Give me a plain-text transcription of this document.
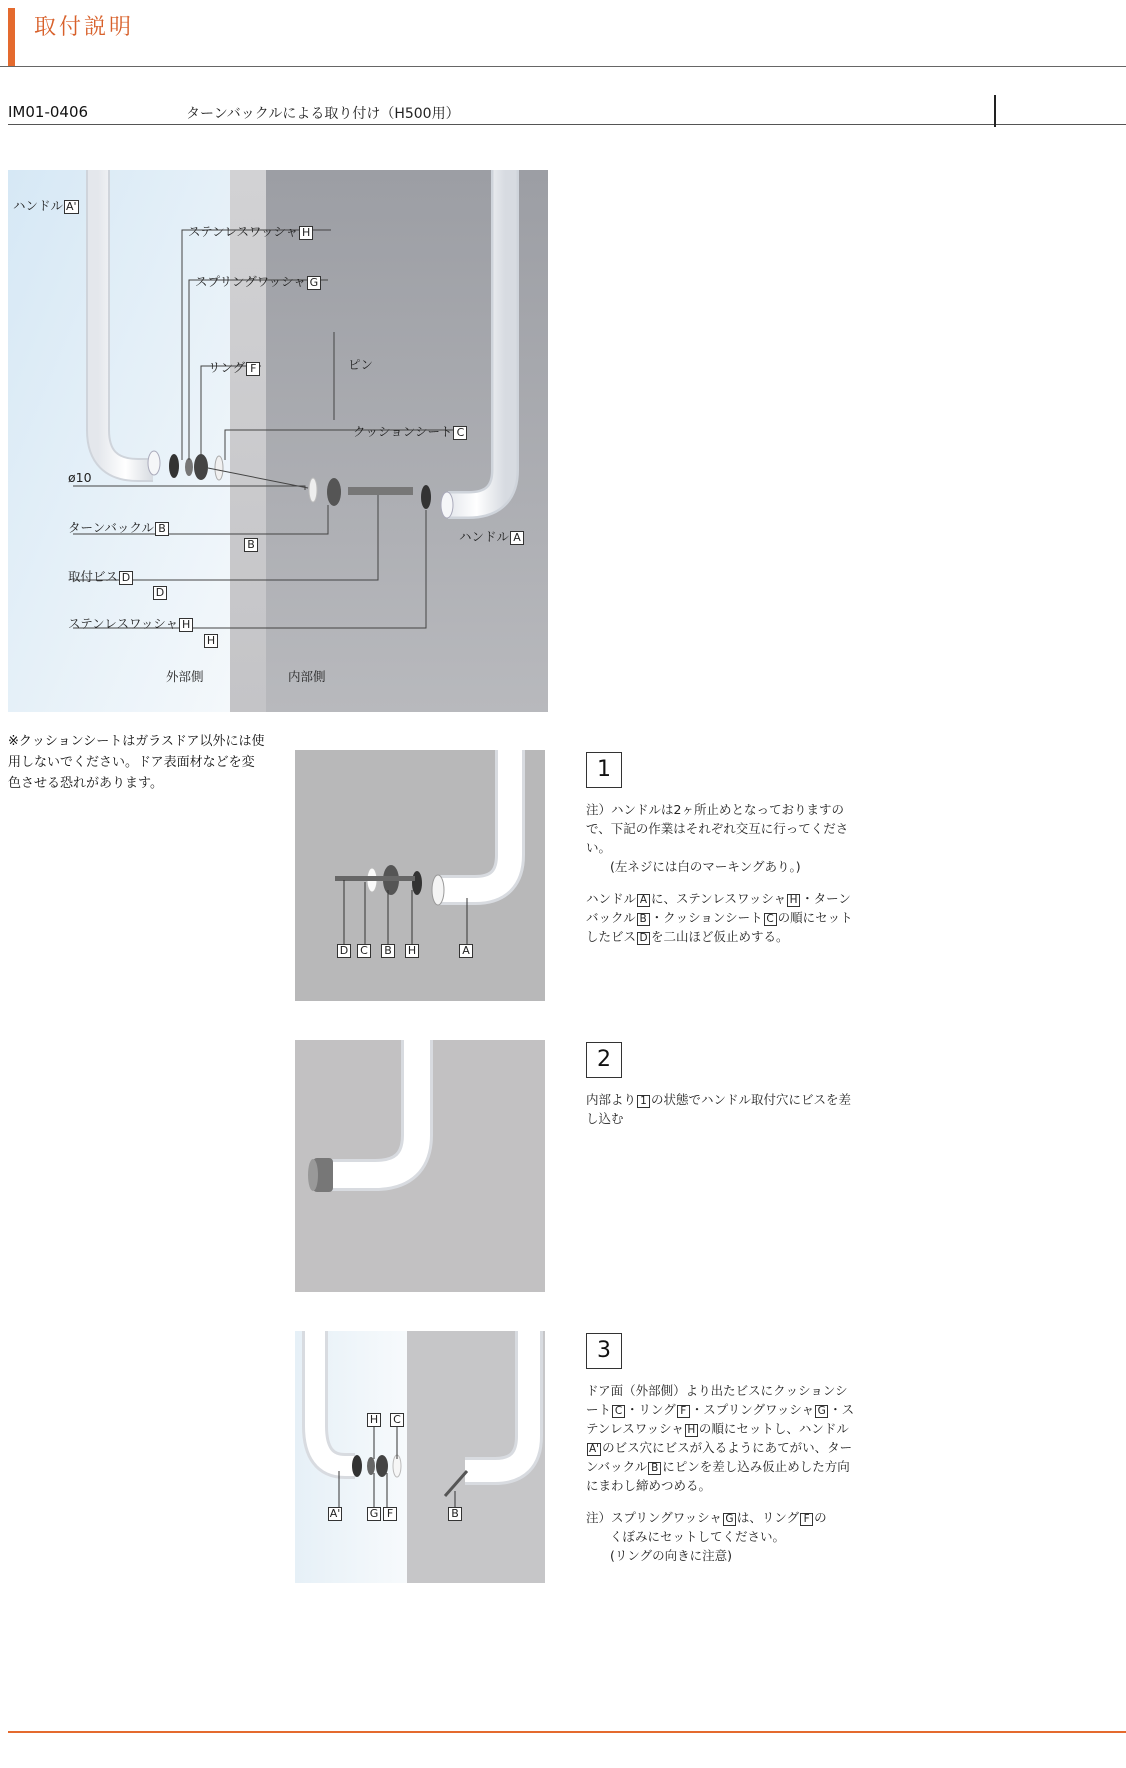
取付説明
IM01-0406	ターンバックルによる取り付け（H500用）
ハンドル A'
ステンレスワッシャ H
スプリングワッシャ G
リング F	ピン
クッションシート C
ø10
ターンバックル B
B
取付ビス D
D
ステンレスワッシャ H
H
ハンドル A
外部側	内部側
※クッションシートはガラスドア以外には使用しないでください。ドア表面材などを変色させる恐れがあります。
D C B H	A
1

注）ハンドルは2ヶ所止めとなっておりますので、下記の作業はそれぞれ交互に行ってください。
(左ネジには白のマーキングあり。)

ハンドル A に、ステンレスワッシャ H ・ターンバックル B ・クッションシート C の順にセットしたビス D を二山ほど仮止めする。

2

内部より 1 の状態でハンドル取付穴にビスを差し込む

H C
A'	G F	B
3

ドア面（外部側）より出たビスにクッションシート C ・リング F ・スプリングワッシャ G ・ステンレスワッシャ H の順にセットし、ハンドルA' のビス穴にビスが入るようにあてがい、ターンバックル B にピンを差し込み仮止めした方向にまわし締めつめる。

注）スプリングワッシャ G は、リング F の
くぼみにセットしてください。
(リングの向きに注意)
